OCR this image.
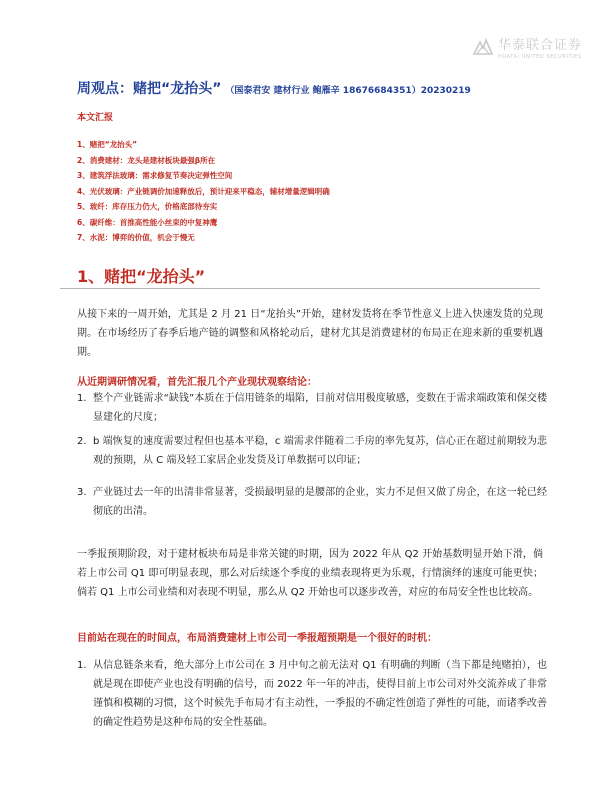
华泰联合证券
HUATAI UNITED SECURITIES
周观点：赌把“龙抬头” （国泰君安 建材行业 鲍雁辛 18676684351）20230219
本文汇报
1、赌把“龙抬头”
2、消费建材：龙头是建材板块最强β所在
3、建筑浮法玻璃：需求修复节奏决定弹性空间
4、光伏玻璃：产业链调价加速释放后，预计迎来平稳态，辅材增量逻辑明确
5、玻纤：库存压力仍大，价格底部待夯实
6、碳纤维：首推高性能小丝束的中复神鹰
7、水泥：博弈的价值，机会于慢无
1、赌把“龙抬头”

从接下来的一周开始，尤其是 2 月 21 日“龙抬头”开始，建材发货将在季节性意义上进入快速发货的兑现期。在市场经历了春季后地产链的调整和风格轮动后，建材尤其是消费建材的布局正在迎来新的重要机遇期。

从近期调研情况看，首先汇报几个产业现状观察结论：

1. 整个产业链需求“缺钱”本质在于信用链条的塌陷，目前对信用极度敏感，变数在于需求端政策和保交楼显建化的尺度；
2. b 端恢复的速度需要过程但也基本平稳，c 端需求伴随着二手房的率先复苏，信心正在超过前期较为悲观的预期，从 C 端及轻工家居企业发货及订单数据可以印证；
3. 产业链过去一年的出清非常显著，受损最明显的是腰部的企业，实力不足但又做了房企，在这一轮已经彻底的出清。

一季报预期阶段，对于建材板块布局是非常关键的时期，因为 2022 年从 Q2 开始基数明显开始下滑，倘若上市公司 Q1 即可明显表现，那么对后续逐个季度的业绩表现将更为乐观，行情演绎的速度可能更快；倘若 Q1 上市公司业绩和对表现不明显，那么从 Q2 开始也可以逐步改善，对应的布局安全性也比较高。

目前站在现在的时间点，布局消费建材上市公司一季报超预期是一个很好的时机：

1. 从信息链条来看，绝大部分上市公司在 3 月中旬之前无法对 Q1 有明确的判断（当下都是纯赌拍），也就是现在即使产业也没有明确的信号，而 2022 年一年的冲击，使得目前上市公司对外交流养成了非常谨慎和模糊的习惯，这个时候先手布局才有主动性，一季报的不确定性创造了弹性的可能，而诸季改善的确定性趋势是这种布局的安全性基础。
